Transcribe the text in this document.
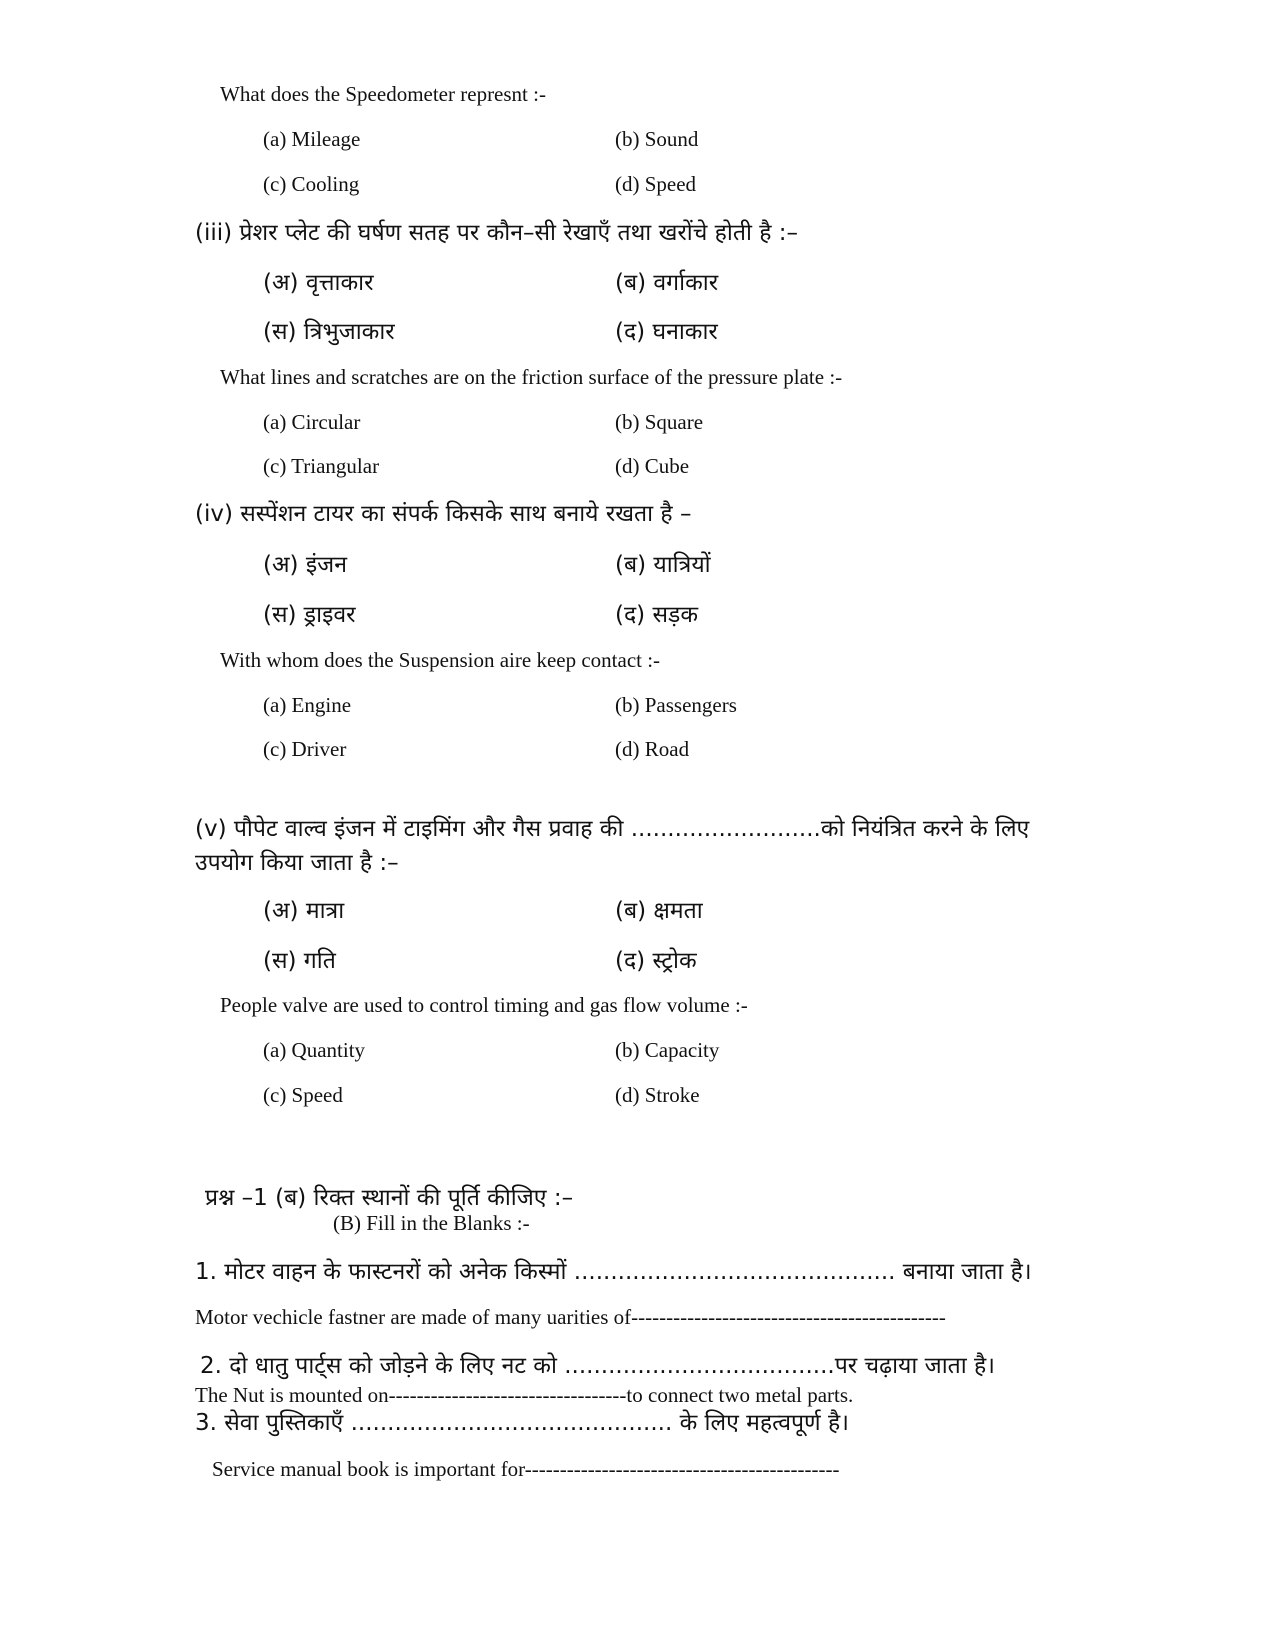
What does the Speedometer represnt :-
(a) Mileage	(b) Sound
(c) Cooling	(d) Speed
(iii) प्रेशर प्लेट की घर्षण सतह पर कौन–सी रेखाएँ तथा खरोंचे होती है :–
(अ) वृत्ताकार	(ब) वर्गाकार
(स) त्रिभुजाकार	(द) घनाकार
What lines and scratches are on the friction surface of the pressure plate :-
(a) Circular	(b) Square
(c) Triangular	(d) Cube
(iv) सस्पेंशन टायर का संपर्क किसके साथ बनाये रखता है –
(अ) इंजन	(ब) यात्रियों
(स) ड्राइवर	(द) सड़क
With whom does the Suspension aire keep contact :-
(a) Engine	(b) Passengers
(c) Driver	(d) Road
(v) पौपेट वाल्व इंजन में टाइमिंग और गैस प्रवाह की ..........................को नियंत्रित करने के लिए
उपयोग किया जाता है :–
(अ) मात्रा	(ब) क्षमता
(स) गति	(द) स्ट्रोक
People valve are used to control timing and gas flow volume :-
(a) Quantity	(b) Capacity
(c) Speed	(d) Stroke
प्रश्न –1 (ब) रिक्त स्थानों की पूर्ति कीजिए :–
(B) Fill in the Blanks :-
1. मोटर वाहन के फास्टनरों को अनेक किस्मों ............................................ बनाया जाता है।
Motor vechicle fastner are made of many uarities of---------------------------------------------
2. दो धातु पार्ट्स को जोड़ने के लिए नट को .....................................पर चढ़ाया जाता है।
The Nut is mounted on----------------------------------to connect two metal parts.
3. सेवा पुस्तिकाएँ ............................................ के लिए महत्वपूर्ण है।
Service manual book is important for---------------------------------------------
